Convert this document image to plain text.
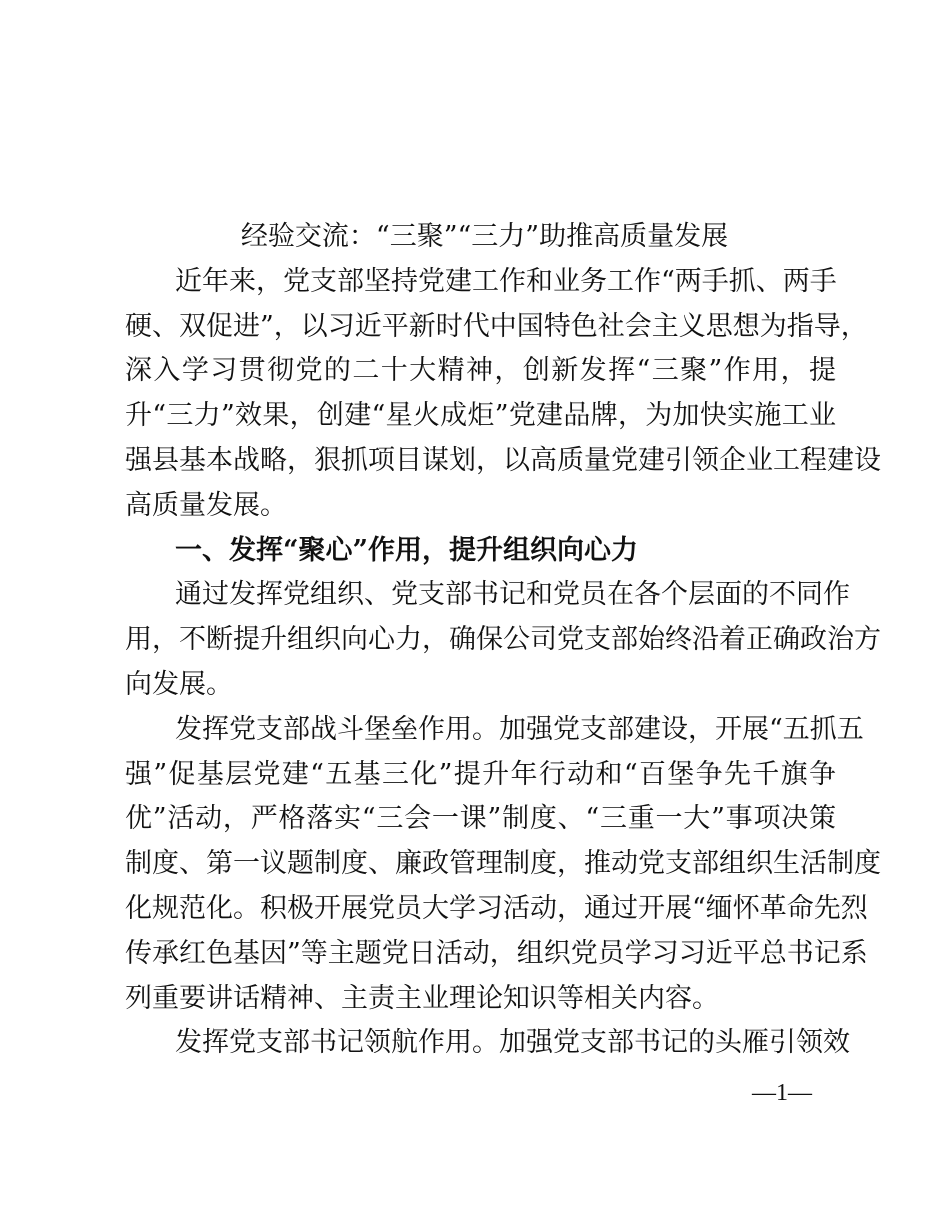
经验交流：“三聚”“三力”助推高质量发展
近年来，党支部坚持党建工作和业务工作“两手抓、两手
硬、双促进”，以习近平新时代中国特色社会主义思想为指导，
深入学习贯彻党的二十大精神，创新发挥“三聚”作用，提
升“三力”效果，创建“星火成炬”党建品牌，为加快实施工业
强县基本战略，狠抓项目谋划，以高质量党建引领企业工程建设
高质量发展。
一、发挥“聚心”作用，提升组织向心力
通过发挥党组织、党支部书记和党员在各个层面的不同作
用，不断提升组织向心力，确保公司党支部始终沿着正确政治方
向发展。
发挥党支部战斗堡垒作用。加强党支部建设，开展“五抓五
强”促基层党建“五基三化”提升年行动和“百堡争先千旗争
优”活动，严格落实“三会一课”制度、“三重一大”事项决策
制度、第一议题制度、廉政管理制度，推动党支部组织生活制度
化规范化。积极开展党员大学习活动，通过开展“缅怀革命先烈
传承红色基因”等主题党日活动，组织党员学习习近平总书记系
列重要讲话精神、主责主业理论知识等相关内容。
发挥党支部书记领航作用。加强党支部书记的头雁引领效
—1—
